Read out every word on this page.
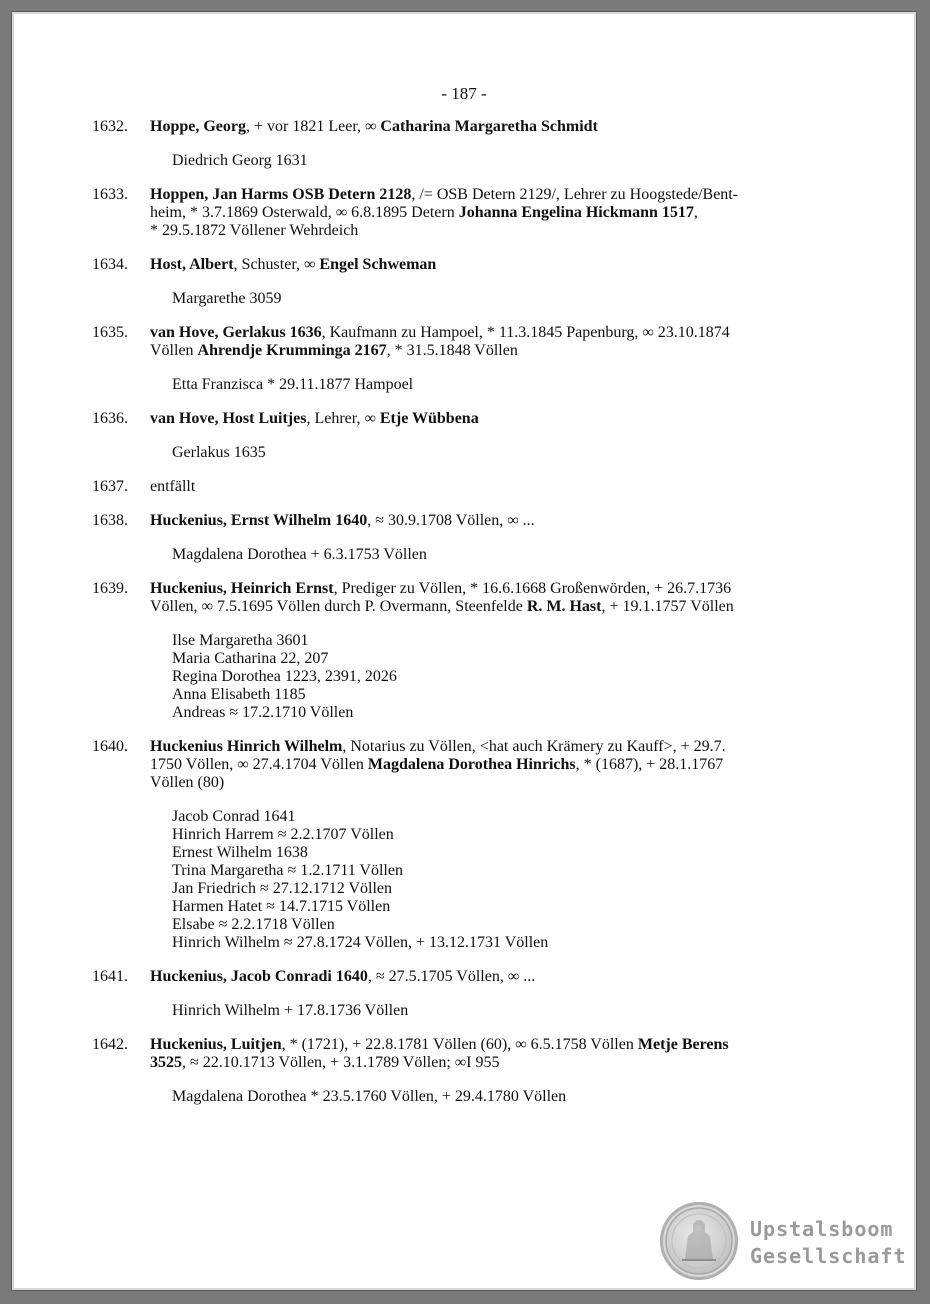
- 187 -
1632. Hoppe, Georg, + vor 1821 Leer, ∞ Catharina Margaretha Schmidt
Diedrich Georg 1631
1633. Hoppen, Jan Harms OSB Detern 2128, /= OSB Detern 2129/, Lehrer zu Hoogstede/Bent-
heim, * 3.7.1869 Osterwald, ∞ 6.8.1895 Detern Johanna Engelina Hickmann 1517,
* 29.5.1872 Völlener Wehrdeich
1634. Host, Albert, Schuster, ∞ Engel Schweman
Margarethe 3059
1635. van Hove, Gerlakus 1636, Kaufmann zu Hampoel, * 11.3.1845 Papenburg, ∞ 23.10.1874
Völlen Ahrendje Krumminga 2167, * 31.5.1848 Völlen
Etta Franzisca * 29.11.1877 Hampoel
1636. van Hove, Host Luitjes, Lehrer, ∞ Etje Wübbena
Gerlakus 1635
1637. entfällt
1638. Huckenius, Ernst Wilhelm 1640, ≈ 30.9.1708 Völlen, ∞ ...
Magdalena Dorothea + 6.3.1753 Völlen
1639. Huckenius, Heinrich Ernst, Prediger zu Völlen, * 16.6.1668 Großenwörden, + 26.7.1736
Völlen, ∞ 7.5.1695 Völlen durch P. Overmann, Steenfelde R. M. Hast, + 19.1.1757 Völlen
Ilse Margaretha 3601
Maria Catharina 22, 207
Regina Dorothea 1223, 2391, 2026
Anna Elisabeth 1185
Andreas ≈ 17.2.1710 Völlen
1640. Huckenius Hinrich Wilhelm, Notarius zu Völlen, <hat auch Krämery zu Kauff>, + 29.7.
1750 Völlen, ∞ 27.4.1704 Völlen Magdalena Dorothea Hinrichs, * (1687), + 28.1.1767
Völlen (80)
Jacob Conrad 1641
Hinrich Harrem ≈ 2.2.1707 Völlen
Ernest Wilhelm 1638
Trina Margaretha ≈ 1.2.1711 Völlen
Jan Friedrich ≈ 27.12.1712 Völlen
Harmen Hatet ≈ 14.7.1715 Völlen
Elsabe ≈ 2.2.1718 Völlen
Hinrich Wilhelm ≈ 27.8.1724 Völlen, + 13.12.1731 Völlen
1641. Huckenius, Jacob Conradi 1640, ≈ 27.5.1705 Völlen, ∞ ...
Hinrich Wilhelm + 17.8.1736 Völlen
1642. Huckenius, Luitjen, * (1721), + 22.8.1781 Völlen (60), ∞ 6.5.1758 Völlen Metje Berens
3525, ≈ 22.10.1713 Völlen, + 3.1.1789 Völlen; ∞I 955
Magdalena Dorothea * 23.5.1760 Völlen, + 29.4.1780 Völlen
Upstalsboom
Gesellschaft
